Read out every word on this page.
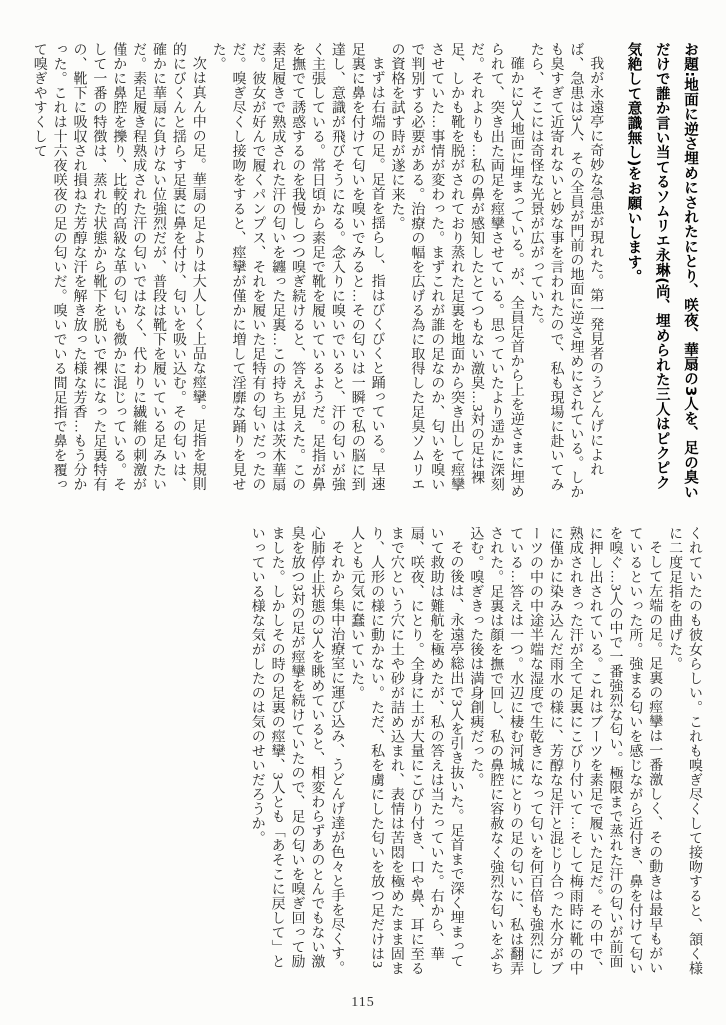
お題:地面に逆さ埋めにされたにとり、咲夜、華扇の3人を、足の臭いだけで誰か言い当てるソムリエ永琳(尚、埋められた三人はピクピク気絶して意識無し)をお願いします。

我が永遠亭に奇妙な急患が現れた。第一発見者のうどんげによれば、急患は3人、その全員が門前の地面に逆さ埋めにされている。しかも臭すぎて近寄れないと妙な事を言われたので、私も現場に赴いてみたら、そこには奇怪な光景が広がっていた。

確かに3人地面に埋まっている。が、全員足首から上を逆さまに埋められて、突き出た両足を痙攣させている。思っていたより遥かに深刻だ。それよりも…私の鼻が感知したとてつもない激臭…3対の足は裸足、しかも靴を脱がされており蒸れた足裏を地面から突き出して痙攣させていた…事情が変わった。まずこれが誰の足なのか、匂いを嗅いで判別する必要がある。治療の幅を広げる為に取得した足臭ソムリエの資格を試す時が遂に来た。

まずは右端の足。足首を揺らし、指はびくびくと踊っている。早速足裏に鼻を付けて匂いを嗅いでみると…その匂いは一瞬で私の脳に到達し、意識が飛びそうになる。念入りに嗅いでいると、汗の匂いが強く主張している。常日頃から素足で靴を履いているようだ。足指が鼻を撫でて誘惑するのを我慢しつつ嗅ぎ続けると、答えが見えた。この素足履きで熟成された汗の匂いを纏った足裏…この持ち主は茨木華扇だ。彼女が好んで履くパンプス、それを履いた足特有の匂いだったのだ。嗅ぎ尽くし接吻をすると、痙攣が僅かに増して淫靡な踊りを見せた。

次は真ん中の足。華扇の足よりは大人しく上品な痙攣。足指を規則的にびくんと揺らす足裏に鼻を付け、匂いを吸い込む。その匂いは、確かに華扇に負けない位強烈だが、普段は靴下を履いている足みたいだ。素足履き程熟成された汗の匂いではなく、代わりに繊維の刺激が僅かに鼻腔を擽り、比較的高級な革の匂いも微かに混じっている。そして一番の特徴は、蒸れた状態から靴下を脱いで裸になった足裏特有の、靴下に吸収され損ねた芳醇な汗を解き放った様な芳香…もう分かった。これは十六夜咲夜の足の匂いだ。嗅いでいる間足指で鼻を覆って嗅ぎやすくして

くれていたのも彼女らしい。これも嗅ぎ尽くして接吻すると、頷く様に二度足指を曲げた。

そして左端の足。足裏の痙攣は一番激しく、その動きは最早もがいているといった所。強まる匂いを感じながら近付き、鼻を付けて匂いを嗅ぐ…3人の中で一番強烈な匂い。極限まで蒸れた汗の匂いが前面に押し出されている。これはブーツを素足で履いた足だ。その中で、熟成されきった汗が全て足裏にこびり付いて…そして梅雨時に靴の中に僅かに染み込んだ雨水の様に、芳醇な足汗と混じり合った水分がブーツの中の中途半端な湿度で生乾きになって匂いを何百倍も強烈にしている…答えは一つ。水辺に棲む河城にとりの足の匂いに、私は翻弄された。足裏は顔を撫で回し、私の鼻腔に容赦なく強烈な匂いをぶち込む。嗅ぎきった後は満身創痍だった。

その後は、永遠亭総出で3人を引き抜いた。足首まで深く埋まっていて救助は難航を極めたが、私の答えは当たっていた。右から、華扇、咲夜、にとり。全身に土が大量にこびり付き、口や鼻、耳に至るまで穴という穴に土や砂が詰め込まれ、表情は苦悶を極めたまま固まり、人形の様に動かない。ただ、私を虜にした匂いを放つ足だけは3人とも元気に蠢いていた。

それから集中治療室に運び込み、うどんげ達が色々と手を尽くす。心肺停止状態の3人を眺めていると、相変わらずあのとんでもない激臭を放つ3対の足が痙攣を続けていたので、足の匂いを嗅ぎ回って励ました。しかしその時の足裏の痙攣、3人とも「あそこに戻して」といっている様な気がしたのは気のせいだろうか。

115
